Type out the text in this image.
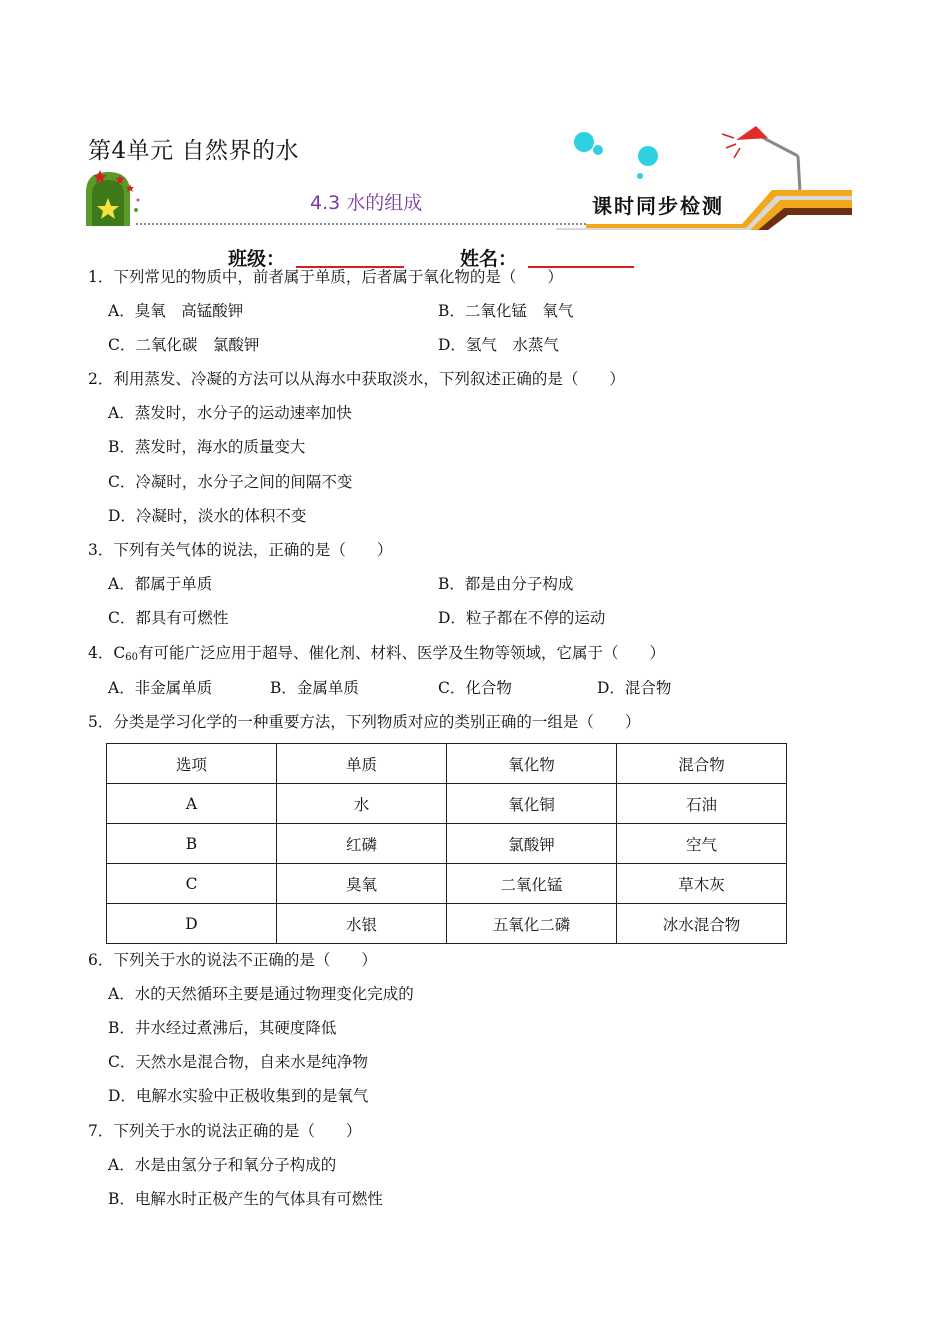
第4单元 自然界的水
4.3 水的组成	课时同步检测
班级：	姓名：
1．下列常见的物质中，前者属于单质，后者属于氧化物的是（　　）
A．臭氧　高锰酸钾	B．二氧化锰　氧气
C．二氧化碳　氯酸钾	D．氢气　水蒸气
2．利用蒸发、冷凝的方法可以从海水中获取淡水，下列叙述正确的是（　　）
A．蒸发时，水分子的运动速率加快
B．蒸发时，海水的质量变大
C．冷凝时，水分子之间的间隔不变
D．冷凝时，淡水的体积不变
3．下列有关气体的说法，正确的是（　　）
A．都属于单质	B．都是由分子构成
C．都具有可燃性	D．粒子都在不停的运动
4．$C_{60}$有可能广泛应用于超导、催化剂、材料、医学及生物等领域，它属于（　　）
A．非金属单质	B．金属单质	C．化合物	D．混合物
5．分类是学习化学的一种重要方法，下列物质对应的类别正确的一组是（　　）
选项	单质	氧化物	混合物
A	水	氧化铜	石油
B	红磷	氯酸钾	空气
C	臭氧	二氧化锰	草木灰
D	水银	五氧化二磷	冰水混合物
6．下列关于水的说法不正确的是（　　）
A．水的天然循环主要是通过物理变化完成的
B．井水经过煮沸后，其硬度降低
C．天然水是混合物，自来水是纯净物
D．电解水实验中正极收集到的是氧气
7．下列关于水的说法正确的是（　　）
A．水是由氢分子和氧分子构成的
B．电解水时正极产生的气体具有可燃性
